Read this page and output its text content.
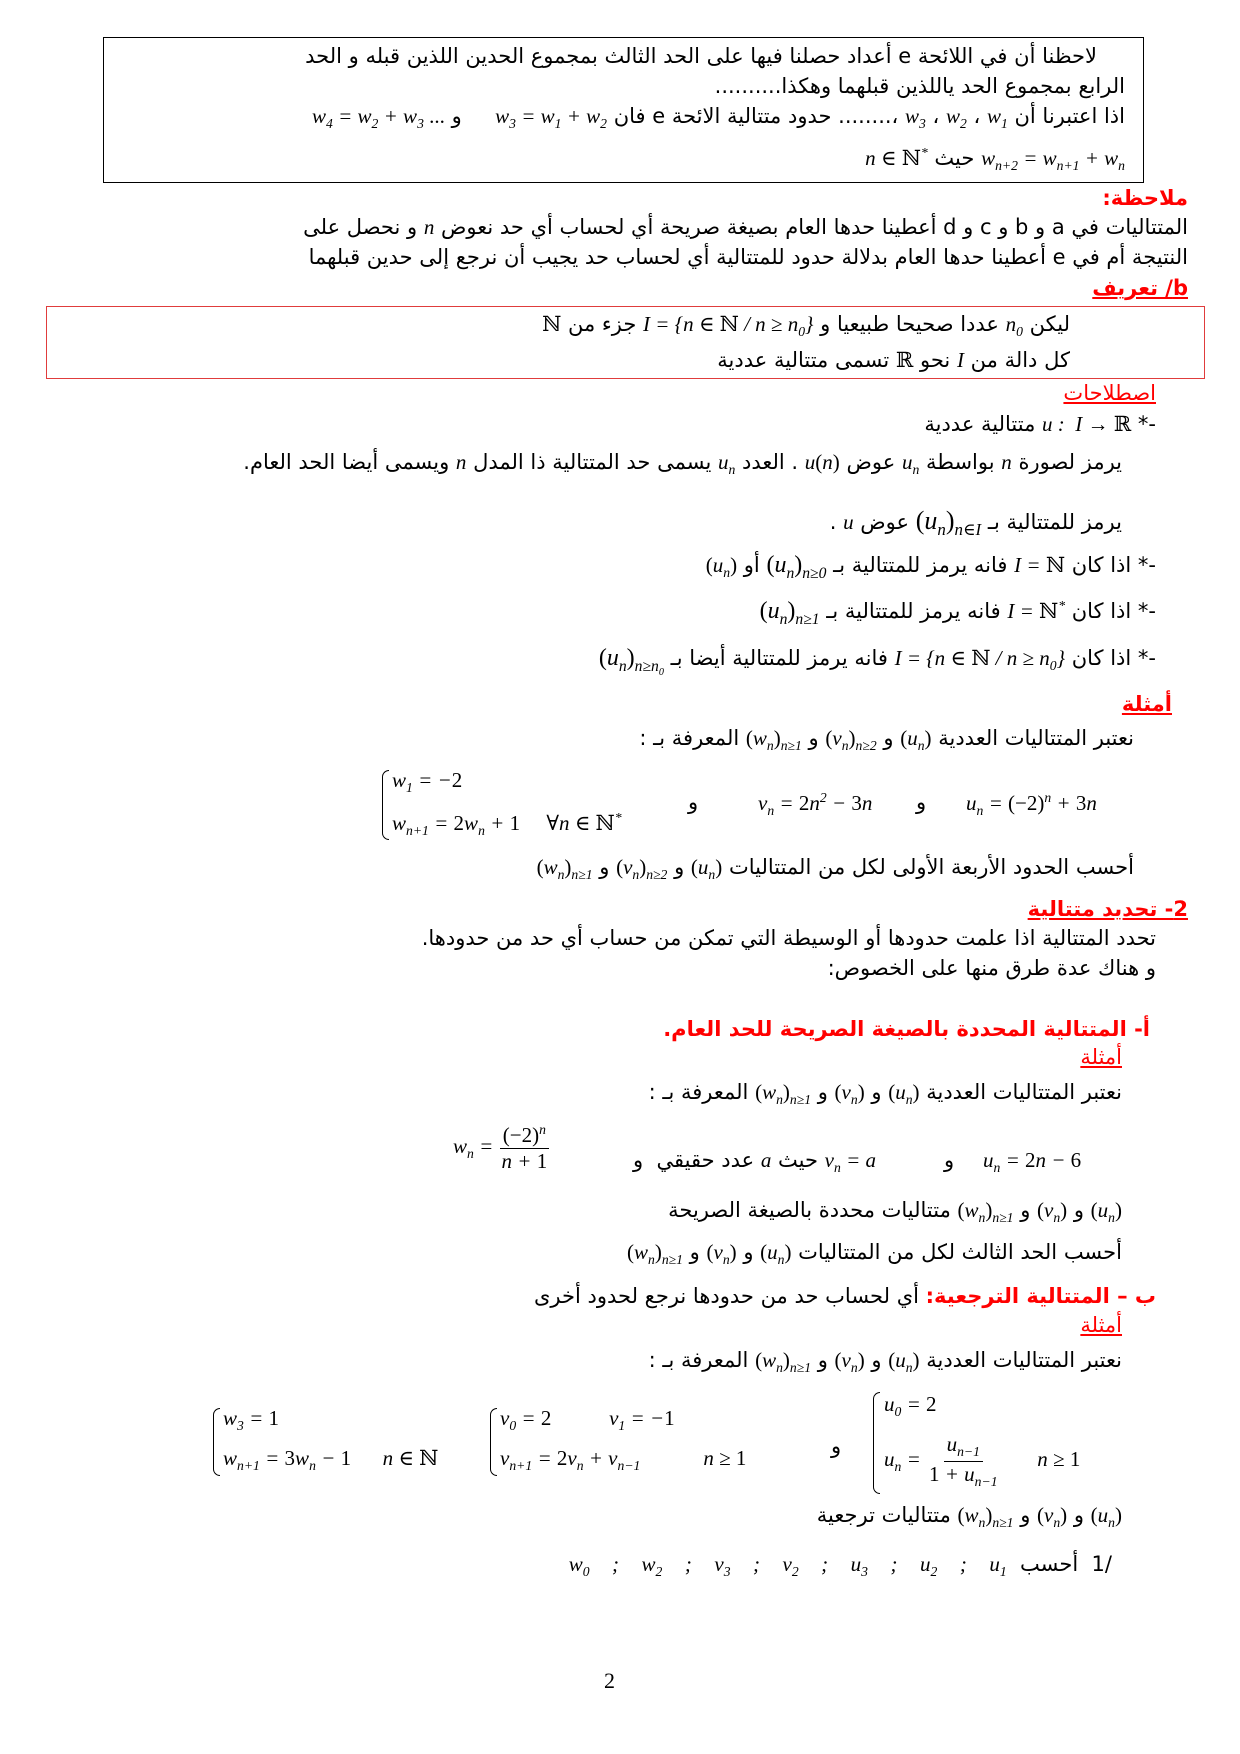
لاحظنا أن في اللائحة e أعداد حصلنا فيها على الحد الثالث بمجموع الحدين اللذين قبله و الحد
الرابع بمجموع الحد ياللذين قبلهما وهكذا..........
اذا اعتبرنا أن $w_1$ ، $w_2$ ، $w_3$ ،........ حدود متتالية الائحة e فان $w_3 = w_1 + w_2$     و $w_4 = w_2 + w_3$ ...
$w_{n+2} = w_{n+1} + w_n$ حيث n ∈ ℕ*
ملاحظة:
المتتاليات في a و b و c و d أعطينا حدها العام بصيغة صريحة أي لحساب أي حد نعوض n و نحصل على
النتيجة أم في e أعطينا حدها العام بدلالة حدود للمتتالية أي لحساب حد يجيب أن نرجع إلى حدين قبلهما
b/ تعريف
ليكن $n_0$ عددا صحيحا طبيعيا و I = {n ∈ ℕ / $n \ge n_0$} جزء من ℕ
كل دالة من I نحو ℝ تسمى متتالية عددية
اصطلاحات
-* u :  I → ℝ متتالية عددية
يرمز لصورة n بواسطة $u_n$ عوض u(n) . العدد $u_n$ يسمى حد المتتالية ذا المدل n ويسمى أيضا الحد العام.
يرمز للمتتالية بـ $(u_n)_{n\in I}$ عوض u .
-* اذا كان I = ℕ فانه يرمز للمتتالية بـ $(u_n)_{n\ge 0}$ أو $(u_n)$
-* اذا كان I = ℕ* فانه يرمز للمتتالية بـ $(u_n)_{n\ge 1}$
-* اذا كان I = {n ∈ ℕ / $n \ge n_0$} فانه يرمز للمتتالية أيضا بـ $(u_n)_{n\ge n_0}$
أمثلة
نعتبر المتتاليات العددية $(u_n)$ و $(v_n)_{n\ge 2}$ و $(w_n)_{n\ge 1}$ المعرفة بـ :
$u_n = (-2)^n + 3n$
و
$v_n = 2n^2 - 3n$
و
$w_1 = -2$
$w_{n+1} = 2w_n + 1$     ∀n ∈ ℕ*
أحسب الحدود الأربعة الأولى لكل من المتتاليات $(u_n)$ و $(v_n)_{n\ge 2}$ و $(w_n)_{n\ge 1}$
2- تحديد متتالية
تحدد المتتالية اذا علمت حدودها أو الوسيطة التي تمكن من حساب أي حد من حدودها.
و هناك عدة طرق منها على الخصوص:
أ- المتتالية المحددة بالصيغة الصريحة للحد العام.
أمثلة
نعتبر المتتاليات العددية $(u_n)$ و $(v_n)$ و $(w_n)_{n\ge 1}$ المعرفة بـ :
$u_n = 2n - 6$
و
$v_n = a$ حيث a عدد حقيقي  و
$w_n = \frac{(-2)^n}{n + 1}$
$(u_n)$ و $(v_n)$ و $(w_n)_{n\ge 1}$ متتاليات محددة بالصيغة الصريحة
أحسب الحد الثالث لكل من المتتاليات $(u_n)$ و $(v_n)$ و $(w_n)_{n\ge 1}$
ب – المتتالية الترجعية: أي لحساب حد من حدودها نرجع لحدود أخرى
أمثلة
نعتبر المتتاليات العددية $(u_n)$ و $(v_n)$ و $(w_n)_{n\ge 1}$ المعرفة بـ :
$u_0 = 2$
$u_n = \frac{u_{n-1}}{1 + u_{n-1}}$ n ≥ 1
و
$v_0 = 2$           $v_1 = -1$
$v_{n+1} = 2v_n + v_{n-1}$            n ≥ 1
$w_3 = 1$
$w_{n+1} = 3w_n - 1$      n ∈ ℕ
$(u_n)$ و $(v_n)$ و $(w_n)_{n\ge 1}$ متتاليات ترجعية
/1  أحسب  $w_0$  ;  $w_2$  ;  $v_3$  ;  $v_2$  ;  $u_3$  ;  $u_2$  ;  $u_1$
2
